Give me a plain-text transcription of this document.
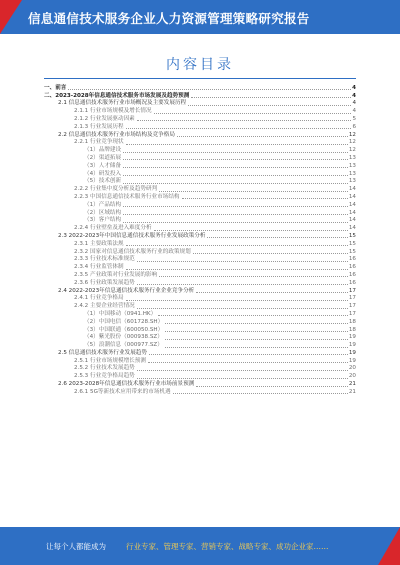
信息通信技术服务企业人力资源管理策略研究报告
内容目录
一、前言	4
二、2023-2028年信息通信技术服务市场发展及趋势预测	4
2.1 信息通信技术服务行业市场概况及主要发展历程	4
2.1.1 行业市场规模及增长情况	4
2.1.2 行业发展驱动因素	5
2.1.3 行业发展历程	6
2.2 信息通信技术服务行业市场结构及竞争格局	12
2.2.1 行业竞争现状	12
（1）品牌建设	12
（2）渠道拓展	13
（3）人才储备	13
（4）研发投入	13
（5）技术创新	13
2.2.2 行业集中度分析及趋势研判	14
2.2.3 中国信息通信技术服务行业市场结构	14
（1）产品结构	14
（2）区域结构	14
（3）客户结构	14
2.2.4 行业壁垒及进入难度分析	14
2.3 2022-2023年中国信息通信技术服务行业发展政策分析	15
2.3.1 主要政策法规	15
2.3.2 国家对信息通信技术服务行业的政策规划	15
2.3.3 行业技术标准规范	16
2.3.4 行业监管体制	16
2.3.5 产业政策对行业发展的影响	16
2.3.6 行业政策发展趋势	16
2.4 2022-2023年信息通信技术服务行业企业竞争分析	17
2.4.1 行业竞争格局	17
2.4.2 主要企业经营情况	17
（1）中国移动（0941.HK）	17
（2）中国电信（601728.SH）	18
（3）中国联通（600050.SH）	18
（4）紫光股份（000938.SZ）	19
（5）浪潮信息（000977.SZ）	19
2.5 信息通信技术服务行业发展趋势	19
2.5.1 行业市场规模增长预测	19
2.5.2 行业技术发展趋势	20
2.5.3 行业竞争格局趋势	20
2.6 2023-2028年信息通信技术服务行业市场前景预测	21
2.6.1 5G等新技术应用带来的市场机遇	21
让每个人都能成为	行业专家、管理专家、营销专家、战略专家、成功企业家……
